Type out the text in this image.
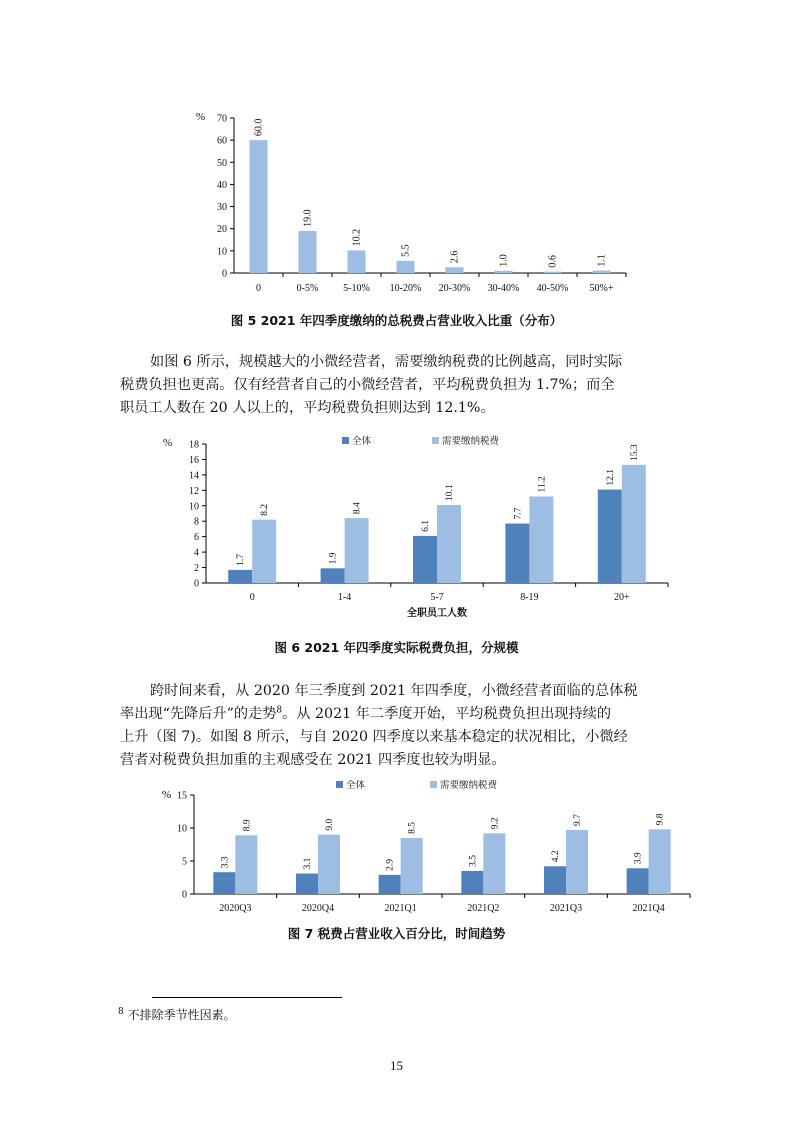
%
0
10
20
30
40
50
60
70
0
60.0
0-5%
19.0
5-10%
10.2
10-20%
5.5
20-30%
2.6
30-40%
1.0
40-50%
0.6
50%+
1.1
图 5 2021 年四季度缴纳的总税费占营业收入比重（分布）
如图 6 所示，规模越大的小微经营者，需要缴纳税费的比例越高，同时实际
税费负担也更高。仅有经营者自己的小微经营者，平均税费负担为 1.7%；而全
职员工人数在 20 人以上的，平均税费负担则达到 12.1%。
%
0
2
4
6
8
10
12
14
16
18
0
1.7
8.2
1-4
1.9
8.4
5-7
6.1
10.1
8-19
7.7
11.2
20+
12.1
15.3
全职员工人数
全体	需要缴纳税费
图 6 2021 年四季度实际税费负担，分规模
跨时间来看，从 2020 年三季度到 2021 年四季度，小微经营者面临的总体税
率出现“先降后升”的走势$^8$。从 2021 年二季度开始，平均税费负担出现持续的
上升（图 7)。如图 8 所示，与自 2020 四季度以来基本稳定的状况相比，小微经
营者对税费负担加重的主观感受在 2021 四季度也较为明显。
%
0
5
10
15
2020Q3
3.3
8.9
2020Q4
3.1
9.0
2021Q1
2.9
8.5
2021Q2
3.5
9.2
2021Q3
4.2
9.7
2021Q4
3.9
9.8
全体	需要缴纳税费
图 7 税费占营业收入百分比，时间趋势
$^8$ 不排除季节性因素。
15
